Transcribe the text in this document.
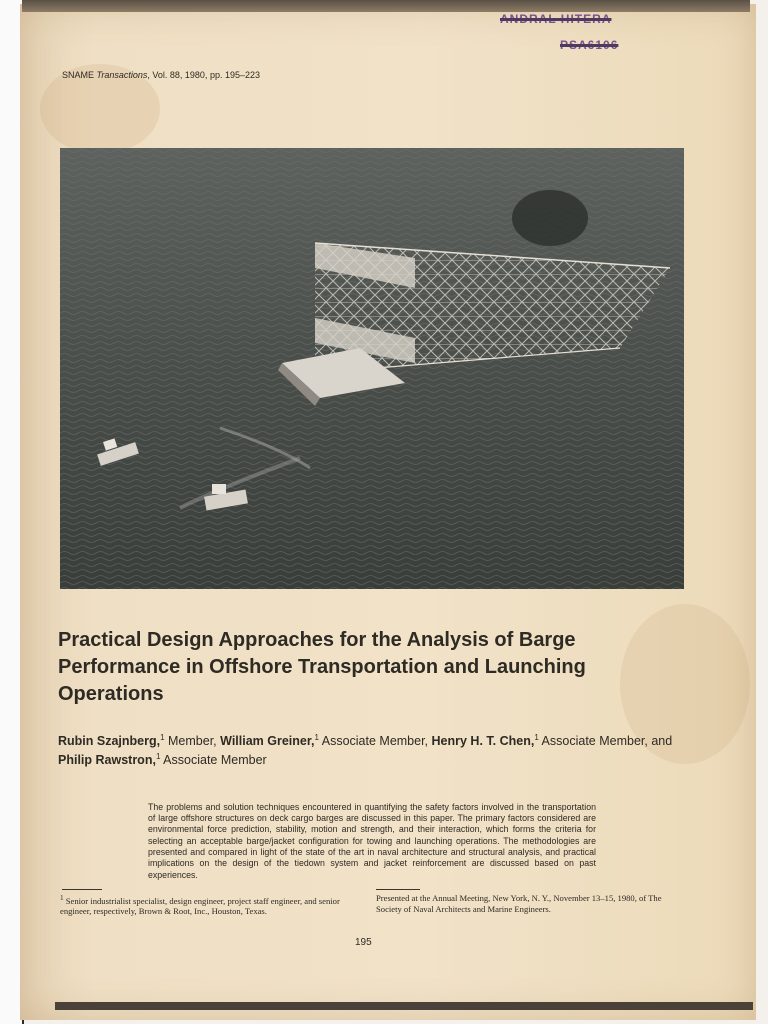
ANDRAL HITERA
PSA6106
SNAME Transactions, Vol. 88, 1980, pp. 195–223
Practical Design Approaches for the Analysis of Barge Performance in Offshore Transportation and Launching Operations
Rubin Szajnberg,$^1$ Member, William Greiner,$^1$ Associate Member, Henry H. T. Chen,$^1$ Associate Member, and Philip Rawstron,$^1$ Associate Member

The problems and solution techniques encountered in quantifying the safety factors involved in the transportation of large offshore structures on deck cargo barges are discussed in this paper. The primary factors considered are environmental force prediction, stability, motion and strength, and their interaction, which forms the criteria for selecting an acceptable barge/jacket configuration for towing and launching operations. The methodologies are presented and compared in light of the state of the art in naval architecture and structural analysis, and practical implications on the design of the tiedown system and jacket reinforcement are discussed based on past experiences.

$^1$ Senior industrialist specialist, design engineer, project staff engineer, and senior engineer, respectively, Brown & Root, Inc., Houston, Texas.
Presented at the Annual Meeting, New York, N. Y., November 13–15, 1980, of The Society of Naval Architects and Marine Engineers.
195
